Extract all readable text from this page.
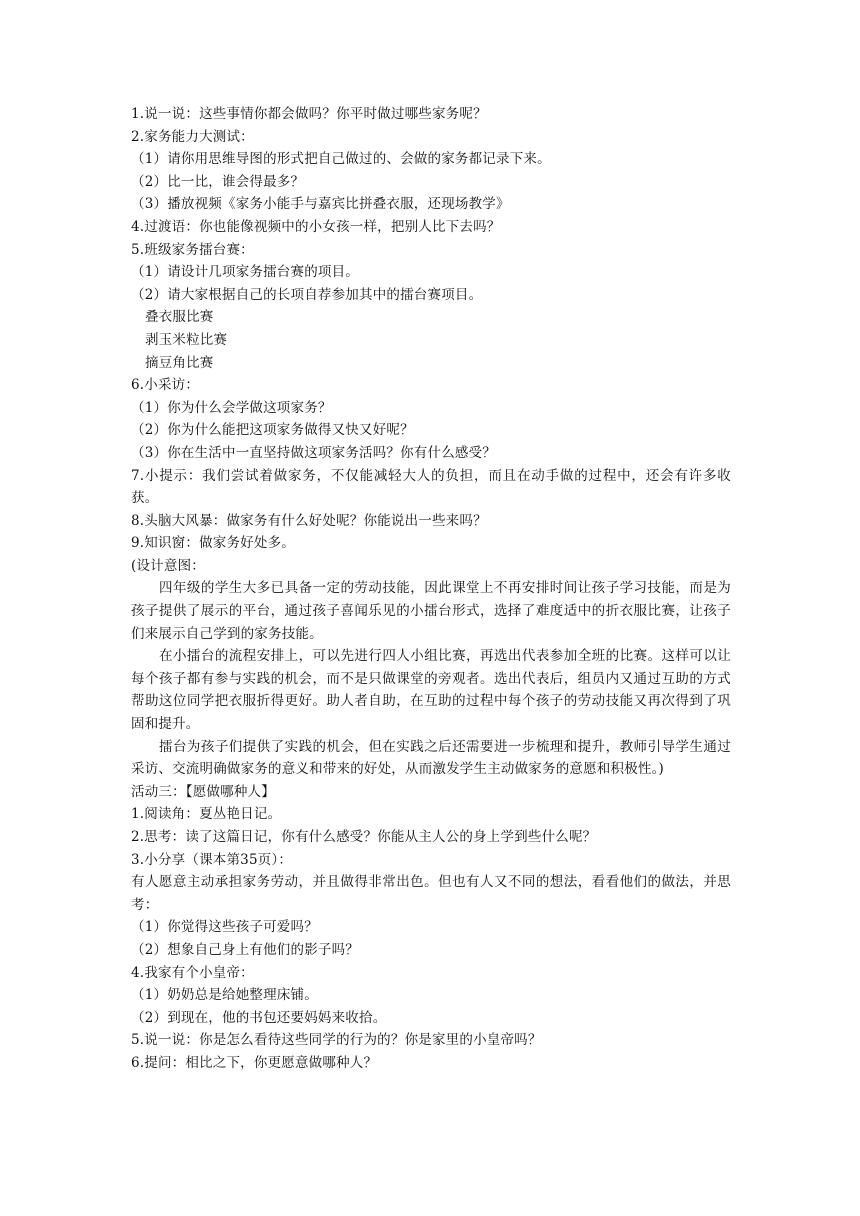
1.说一说：这些事情你都会做吗？你平时做过哪些家务呢？
2.家务能力大测试：
（1）请你用思维导图的形式把自己做过的、会做的家务都记录下来。
（2）比一比，谁会得最多？
（3）播放视频《家务小能手与嘉宾比拼叠衣服，还现场教学》
4.过渡语：你也能像视频中的小女孩一样，把别人比下去吗？
5.班级家务擂台赛：
（1）请设计几项家务擂台赛的项目。
（2）请大家根据自己的长项自荐参加其中的擂台赛项目。
叠衣服比赛
剥玉米粒比赛
摘豆角比赛
6.小采访：
（1）你为什么会学做这项家务？
（2）你为什么能把这项家务做得又快又好呢？
（3）你在生活中一直坚持做这项家务活吗？你有什么感受？
7.小提示：我们尝试着做家务，不仅能减轻大人的负担，而且在动手做的过程中，还会有许多收获。
8.头脑大风暴：做家务有什么好处呢？你能说出一些来吗？
9.知识窗：做家务好处多。
(设计意图：
四年级的学生大多已具备一定的劳动技能，因此课堂上不再安排时间让孩子学习技能，而是为孩子提供了展示的平台，通过孩子喜闻乐见的小擂台形式，选择了难度适中的折衣服比赛，让孩子们来展示自己学到的家务技能。
在小擂台的流程安排上，可以先进行四人小组比赛，再选出代表参加全班的比赛。这样可以让每个孩子都有参与实践的机会，而不是只做课堂的旁观者。选出代表后，组员内又通过互助的方式帮助这位同学把衣服折得更好。助人者自助，在互助的过程中每个孩子的劳动技能又再次得到了巩固和提升。
擂台为孩子们提供了实践的机会，但在实践之后还需要进一步梳理和提升，教师引导学生通过采访、交流明确做家务的意义和带来的好处，从而激发学生主动做家务的意愿和积极性。)
活动三：【愿做哪种人】
1.阅读角：夏丛艳日记。
2.思考：读了这篇日记，你有什么感受？你能从主人公的身上学到些什么呢？
3.小分享（课本第35页）：
有人愿意主动承担家务劳动，并且做得非常出色。但也有人又不同的想法，看看他们的做法，并思考：
（1）你觉得这些孩子可爱吗？
（2）想象自己身上有他们的影子吗？
4.我家有个小皇帝：
（1）奶奶总是给她整理床铺。
（2）到现在，他的书包还要妈妈来收拾。
5.说一说：你是怎么看待这些同学的行为的？你是家里的小皇帝吗？
6.提问：相比之下，你更愿意做哪种人？
